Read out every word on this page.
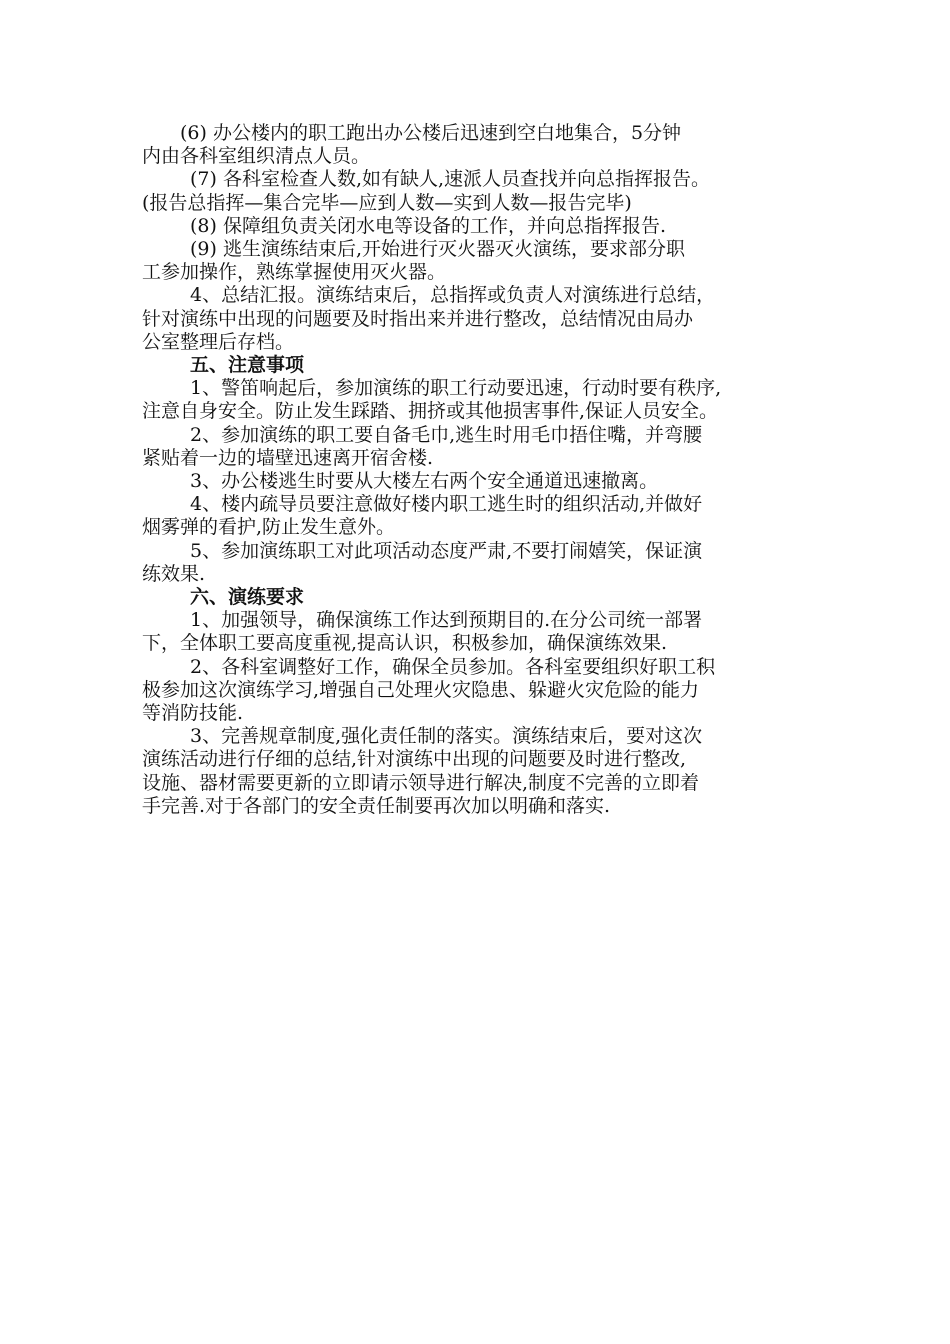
(6) 办公楼内的职工跑出办公楼后迅速到空白地集合，5分钟
内由各科室组织清点人员。
(7) 各科室检查人数,如有缺人,速派人员查找并向总指挥报告。
(报告总指挥—集合完毕—应到人数—实到人数—报告完毕)
(8) 保障组负责关闭水电等设备的工作，并向总指挥报告.
(9) 逃生演练结束后,开始进行灭火器灭火演练，要求部分职
工参加操作，熟练掌握使用灭火器。
4、总结汇报。演练结束后，总指挥或负责人对演练进行总结，
针对演练中出现的问题要及时指出来并进行整改，总结情况由局办
公室整理后存档。
五、注意事项
1、警笛响起后，参加演练的职工行动要迅速，行动时要有秩序,
注意自身安全。防止发生踩踏、拥挤或其他损害事件,保证人员安全。
2、参加演练的职工要自备毛巾,逃生时用毛巾捂住嘴，并弯腰
紧贴着一边的墙壁迅速离开宿舍楼.
3、办公楼逃生时要从大楼左右两个安全通道迅速撤离。
4、楼内疏导员要注意做好楼内职工逃生时的组织活动,并做好
烟雾弹的看护,防止发生意外。
5、参加演练职工对此项活动态度严肃,不要打闹嬉笑，保证演
练效果.
六、演练要求
1、加强领导，确保演练工作达到预期目的.在分公司统一部署
下，全体职工要高度重视,提高认识，积极参加，确保演练效果.
2、各科室调整好工作，确保全员参加。各科室要组织好职工积
极参加这次演练学习,增强自己处理火灾隐患、躲避火灾危险的能力
等消防技能.
3、完善规章制度,强化责任制的落实。演练结束后，要对这次
演练活动进行仔细的总结,针对演练中出现的问题要及时进行整改,
设施、器材需要更新的立即请示领导进行解决,制度不完善的立即着
手完善.对于各部门的安全责任制要再次加以明确和落实.
